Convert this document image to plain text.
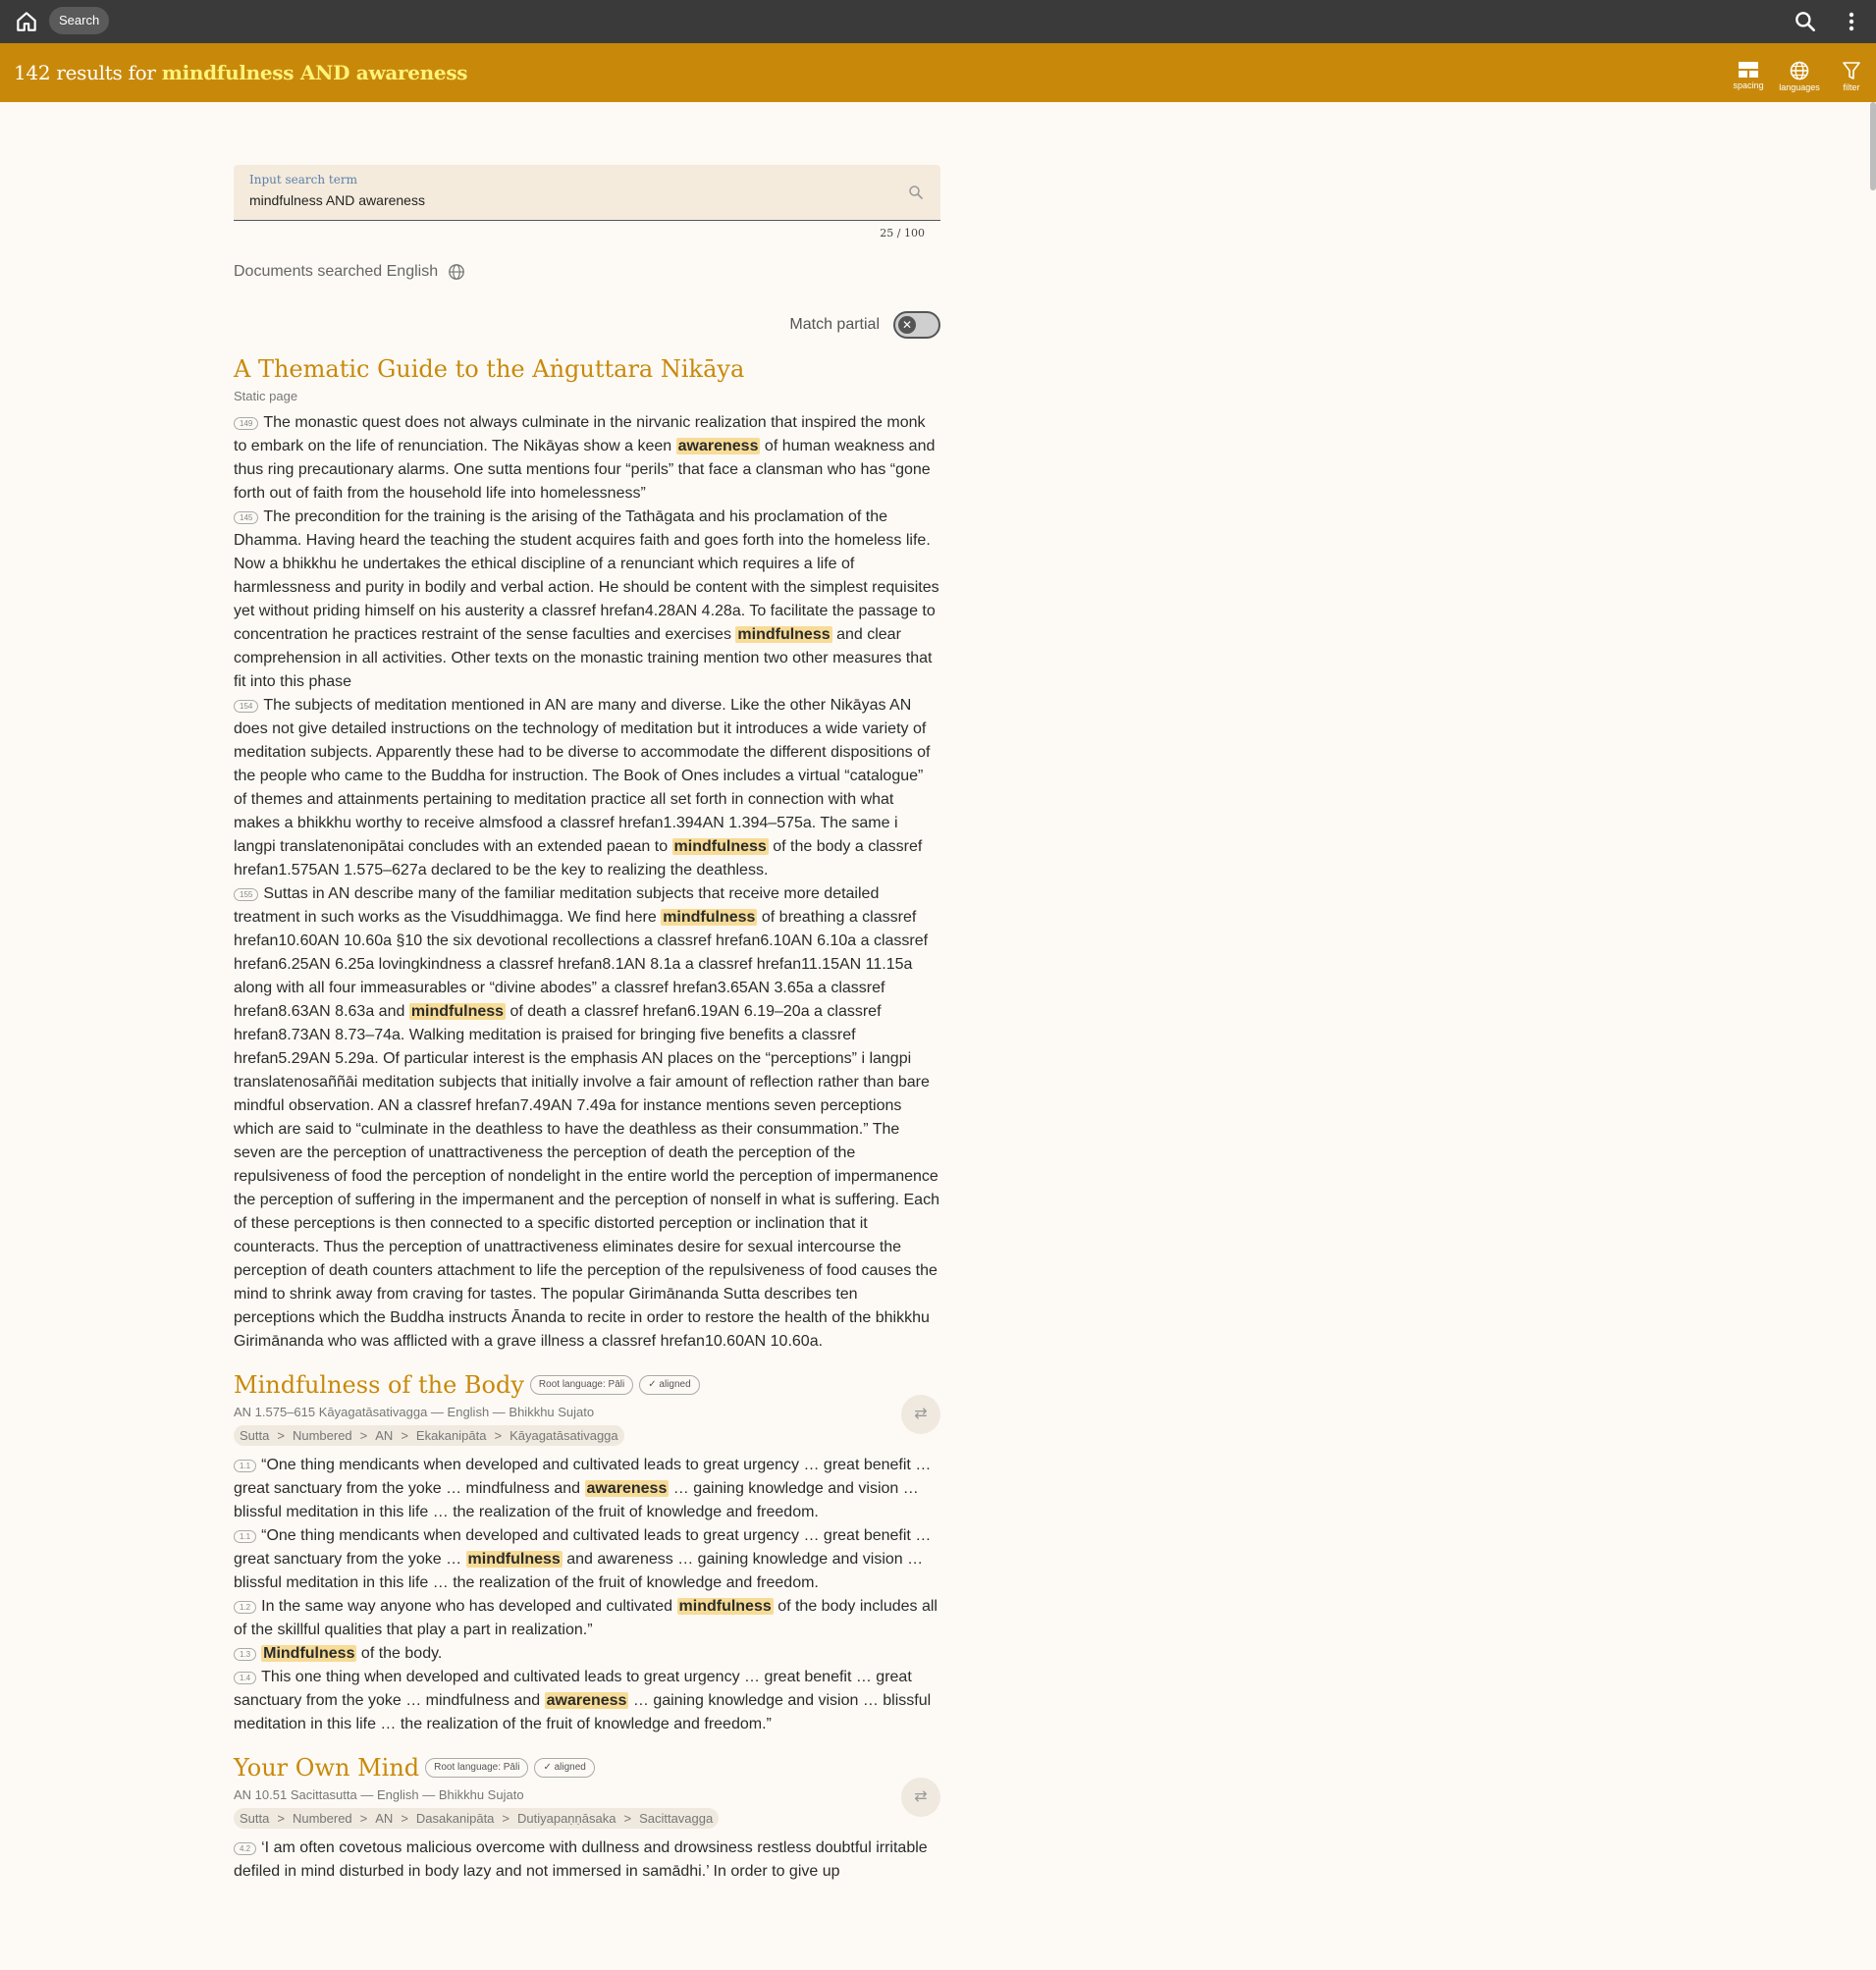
Search
142 results for mindfulness AND awareness
spacing	languages	filter
Input search term
mindfulness AND awareness
25 / 100
Documents searched English
Match partial	✕
A Thematic Guide to the Aṅguttara Nikāya
Static page

149 The monastic quest does not always culminate in the nirvanic realization that inspired the monk to embark on the life of renunciation. The Nikāyas show a keen awareness of human weakness and thus ring precautionary alarms. One sutta mentions four “perils” that face a clansman who has “gone forth out of faith from the household life into homelessness”

145 The precondition for the training is the arising of the Tathāgata and his proclamation of the Dhamma. Having heard the teaching the student acquires faith and goes forth into the homeless life. Now a bhikkhu he undertakes the ethical discipline of a renunciant which requires a life of harmlessness and purity in bodily and verbal action. He should be content with the simplest requisites yet without priding himself on his austerity a classref hrefan4.28AN 4.28a. To facilitate the passage to concentration he practices restraint of the sense faculties and exercises mindfulness and clear comprehension in all activities. Other texts on the monastic training mention two other measures that fit into this phase

154 The subjects of meditation mentioned in AN are many and diverse. Like the other Nikāyas AN does not give detailed instructions on the technology of meditation but it introduces a wide variety of meditation subjects. Apparently these had to be diverse to accommodate the different dispositions of the people who came to the Buddha for instruction. The Book of Ones includes a virtual “catalogue” of themes and attainments pertaining to meditation practice all set forth in connection with what makes a bhikkhu worthy to receive almsfood a classref hrefan1.394AN 1.394–575a. The same i langpi translatenonipātai concludes with an extended paean to mindfulness of the body a classref hrefan1.575AN 1.575–627a declared to be the key to realizing the deathless.

155 Suttas in AN describe many of the familiar meditation subjects that receive more detailed treatment in such works as the Visuddhimagga. We find here mindfulness of breathing a classref hrefan10.60AN 10.60a §10 the six devotional recollections a classref hrefan6.10AN 6.10a a classref hrefan6.25AN 6.25a lovingkindness a classref hrefan8.1AN 8.1a a classref hrefan11.15AN 11.15a along with all four immeasurables or “divine abodes” a classref hrefan3.65AN 3.65a a classref hrefan8.63AN 8.63a and mindfulness of death a classref hrefan6.19AN 6.19–20a a classref hrefan8.73AN 8.73–74a. Walking meditation is praised for bringing five benefits a classref hrefan5.29AN 5.29a. Of particular interest is the emphasis AN places on the “perceptions” i langpi translatenosaññāi meditation subjects that initially involve a fair amount of reflection rather than bare mindful observation. AN a classref hrefan7.49AN 7.49a for instance mentions seven perceptions which are said to “culminate in the deathless to have the deathless as their consummation.” The seven are the perception of unattractiveness the perception of death the perception of the repulsiveness of food the perception of nondelight in the entire world the perception of impermanence the perception of suffering in the impermanent and the perception of nonself in what is suffering. Each of these perceptions is then connected to a specific distorted perception or inclination that it counteracts. Thus the perception of unattractiveness eliminates desire for sexual intercourse the perception of death counters attachment to life the perception of the repulsiveness of food causes the mind to shrink away from craving for tastes. The popular Girimānanda Sutta describes ten perceptions which the Buddha instructs Ānanda to recite in order to restore the health of the bhikkhu Girimānanda who was afflicted with a grave illness a classref hrefan10.60AN 10.60a.

Mindfulness of the Body	Root language: Pāli	✓ aligned
AN 1.575–615 Kāyagatāsativagga — English — Bhikkhu Sujato
Sutta > Numbered > AN > Ekakanipāta > Kāyagatāsativagga
⇄

1.1 “One thing mendicants when developed and cultivated leads to great urgency … great benefit … great sanctuary from the yoke … mindfulness and awareness … gaining knowledge and vision … blissful meditation in this life … the realization of the fruit of knowledge and freedom.

1.1 “One thing mendicants when developed and cultivated leads to great urgency … great benefit … great sanctuary from the yoke … mindfulness and awareness … gaining knowledge and vision … blissful meditation in this life … the realization of the fruit of knowledge and freedom.

1.2 In the same way anyone who has developed and cultivated mindfulness of the body includes all of the skillful qualities that play a part in realization.”

1.3 Mindfulness of the body.

1.4 This one thing when developed and cultivated leads to great urgency … great benefit … great sanctuary from the yoke … mindfulness and awareness … gaining knowledge and vision … blissful meditation in this life … the realization of the fruit of knowledge and freedom.”

Your Own Mind	Root language: Pāli	✓ aligned
AN 10.51 Sacittasutta — English — Bhikkhu Sujato
Sutta > Numbered > AN > Dasakanipāta > Dutiyapaṇṇāsaka > Sacittavagga
⇄

4.2 ‘I am often covetous malicious overcome with dullness and drowsiness restless doubtful irritable defiled in mind disturbed in body lazy and not immersed in samādhi.’ In order to give up
